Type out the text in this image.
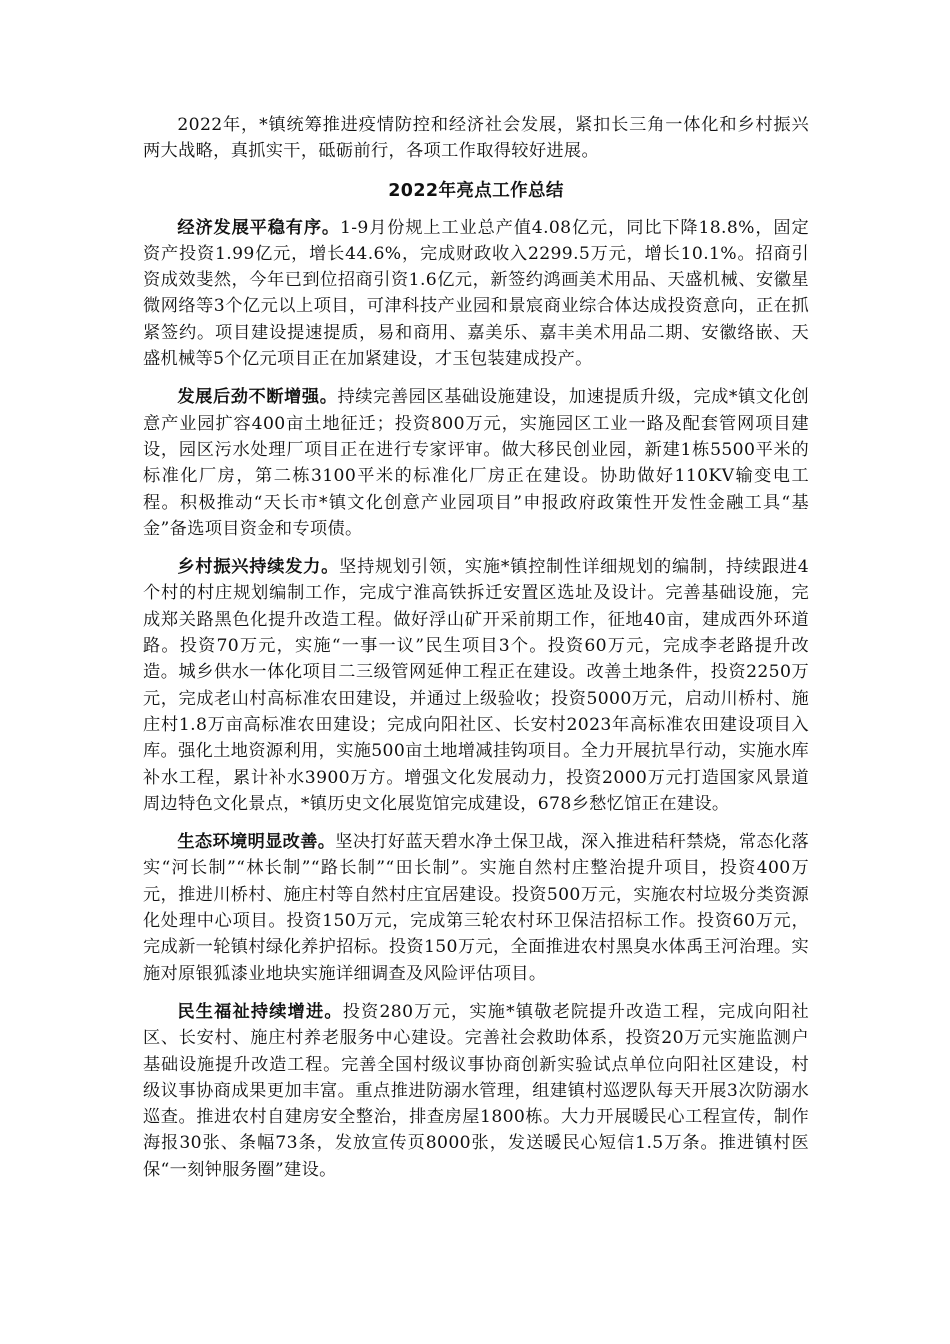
2022年，*镇统筹推进疫情防控和经济社会发展，紧扣长三角一体化和乡村振兴两大战略，真抓实干，砥砺前行，各项工作取得较好进展。

2022年亮点工作总结

经济发展平稳有序。1-9月份规上工业总产值4.08亿元，同比下降18.8%，固定资产投资1.99亿元，增长44.6%，完成财政收入2299.5万元，增长10.1%。招商引资成效斐然，今年已到位招商引资1.6亿元，新签约鸿画美术用品、天盛机械、安徽星微网络等3个亿元以上项目，可津科技产业园和景宸商业综合体达成投资意向，正在抓紧签约。项目建设提速提质，易和商用、嘉美乐、嘉丰美术用品二期、安徽络嵌、天盛机械等5个亿元项目正在加紧建设，才玉包装建成投产。

发展后劲不断增强。持续完善园区基础设施建设，加速提质升级，完成*镇文化创意产业园扩容400亩土地征迁；投资800万元，实施园区工业一路及配套管网项目建设，园区污水处理厂项目正在进行专家评审。做大移民创业园，新建1栋5500平米的标准化厂房，第二栋3100平米的标准化厂房正在建设。协助做好110KV输变电工程。积极推动“天长市*镇文化创意产业园项目”申报政府政策性开发性金融工具“基金”备选项目资金和专项债。

乡村振兴持续发力。坚持规划引领，实施*镇控制性详细规划的编制，持续跟进4个村的村庄规划编制工作，完成宁淮高铁拆迁安置区选址及设计。完善基础设施，完成郑关路黑色化提升改造工程。做好浮山矿开采前期工作，征地40亩，建成西外环道路。投资70万元，实施“一事一议”民生项目3个。投资60万元，完成李老路提升改造。城乡供水一体化项目二三级管网延伸工程正在建设。改善土地条件，投资2250万元，完成老山村高标准农田建设，并通过上级验收；投资5000万元，启动川桥村、施庄村1.8万亩高标准农田建设；完成向阳社区、长安村2023年高标准农田建设项目入库。强化土地资源利用，实施500亩土地增减挂钩项目。全力开展抗旱行动，实施水库补水工程，累计补水3900万方。增强文化发展动力，投资2000万元打造国家风景道周边特色文化景点，*镇历史文化展览馆完成建设，678乡愁忆馆正在建设。

生态环境明显改善。坚决打好蓝天碧水净土保卫战，深入推进秸秆禁烧，常态化落实“河长制”“林长制”“路长制”“田长制”。实施自然村庄整治提升项目，投资400万元，推进川桥村、施庄村等自然村庄宜居建设。投资500万元，实施农村垃圾分类资源化处理中心项目。投资150万元，完成第三轮农村环卫保洁招标工作。投资60万元，完成新一轮镇村绿化养护招标。投资150万元，全面推进农村黑臭水体禹王河治理。实施对原银狐漆业地块实施详细调查及风险评估项目。

民生福祉持续增进。投资280万元，实施*镇敬老院提升改造工程，完成向阳社区、长安村、施庄村养老服务中心建设。完善社会救助体系，投资20万元实施监测户基础设施提升改造工程。完善全国村级议事协商创新实验试点单位向阳社区建设，村级议事协商成果更加丰富。重点推进防溺水管理，组建镇村巡逻队每天开展3次防溺水巡查。推进农村自建房安全整治，排查房屋1800栋。大力开展暖民心工程宣传，制作海报30张、条幅73条，发放宣传页8000张，发送暖民心短信1.5万条。推进镇村医保“一刻钟服务圈”建设。
